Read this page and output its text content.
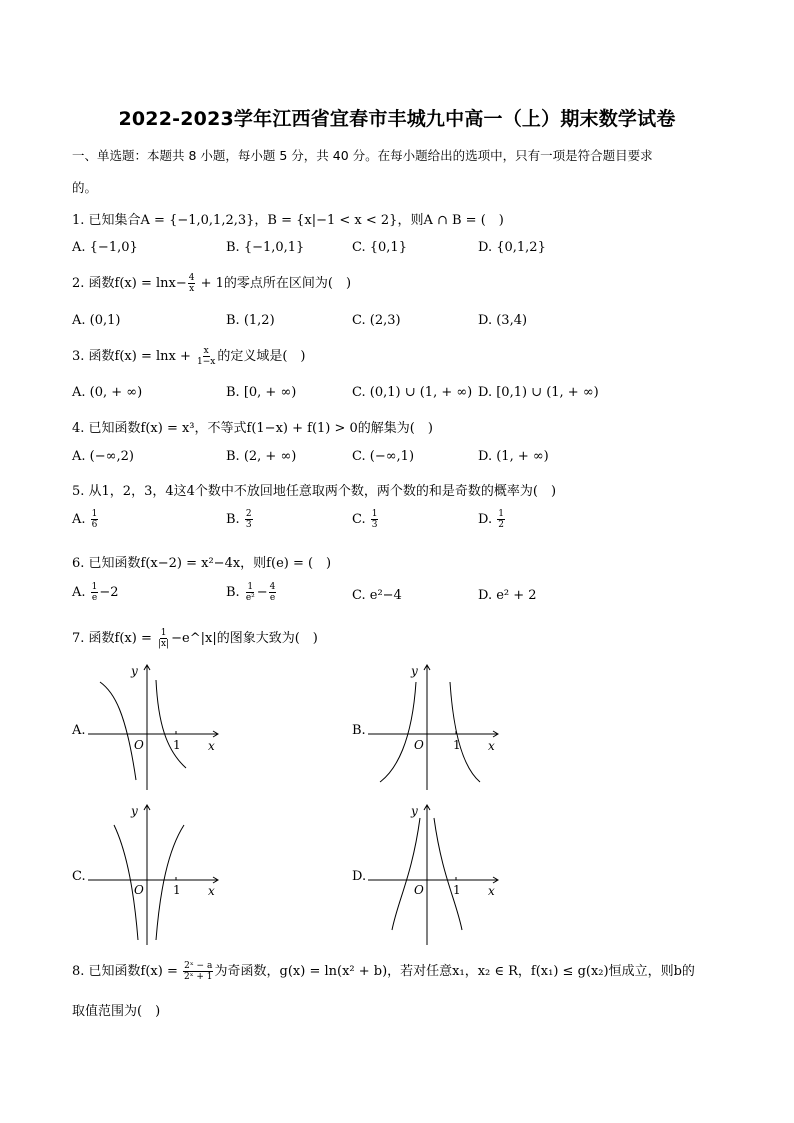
2022-2023学年江西省宜春市丰城九中高一（上）期末数学试卷
一、单选题：本题共 8 小题，每小题 5 分，共 40 分。在每小题给出的选项中，只有一项是符合题目要求
的。
1. 已知集合A = {−1,0,1,2,3}，B = {x|−1 < x < 2}，则A ∩ B = (　)
A. {−1,0}	B. {−1,0,1}	C. {0,1}	D. {0,1,2}
2. 函数$f(x) = \ln x- \frac{4}{x} + 1$的零点所在区间为(　)
A. (0,1)	B. (1,2)	C. (2,3)	D. (3,4)
3. 函数$f(x) = \ln x + \frac{x}{1-x}$ 的定义域是(　)
A. (0, + ∞)	B. [0, + ∞)	C. (0,1) ∪ (1, + ∞) D. [0,1) ∪ (1, + ∞)
4. 已知函数f(x) = x³，不等式f(1−x) + f(1) > 0的解集为(　)
A. (−∞,2)	B. (2, + ∞)	C. (−∞,1)	D. (1, + ∞)
5. 从1，2，3，4这4个数中不放回地任意取两个数，两个数的和是奇数的概率为(　)
A. $\frac{1}{6}$	B. $\frac{2}{3}$	C. $\frac{1}{3}$	D. $\frac{1}{2}$
6. 已知函数f(x−2) = x²−4x，则f(e) = (　)
A. $\frac{1}{e} -2$	B. $\frac{1}{\text{e²}} - \frac{4}{e}$	C. e²−4	D. e² + 2
7. 函数$f(x) = \frac{1}{|x|}$ −e^|x|的图象大致为(　)
A.
y
x
O 1
B.
y
x
O 1
C.
y
x
O 1
D.
y
x
O 1
8. 已知函数$f(x) = \frac{\text{2ˣ − a}}{\text{2ˣ + 1}}$ 为奇函数，g(x) = ln(x² + b)，若对任意x₁，x₂ ∈ R，f(x₁) ≤ g(x₂)恒成立，则b的
取值范围为(　)
